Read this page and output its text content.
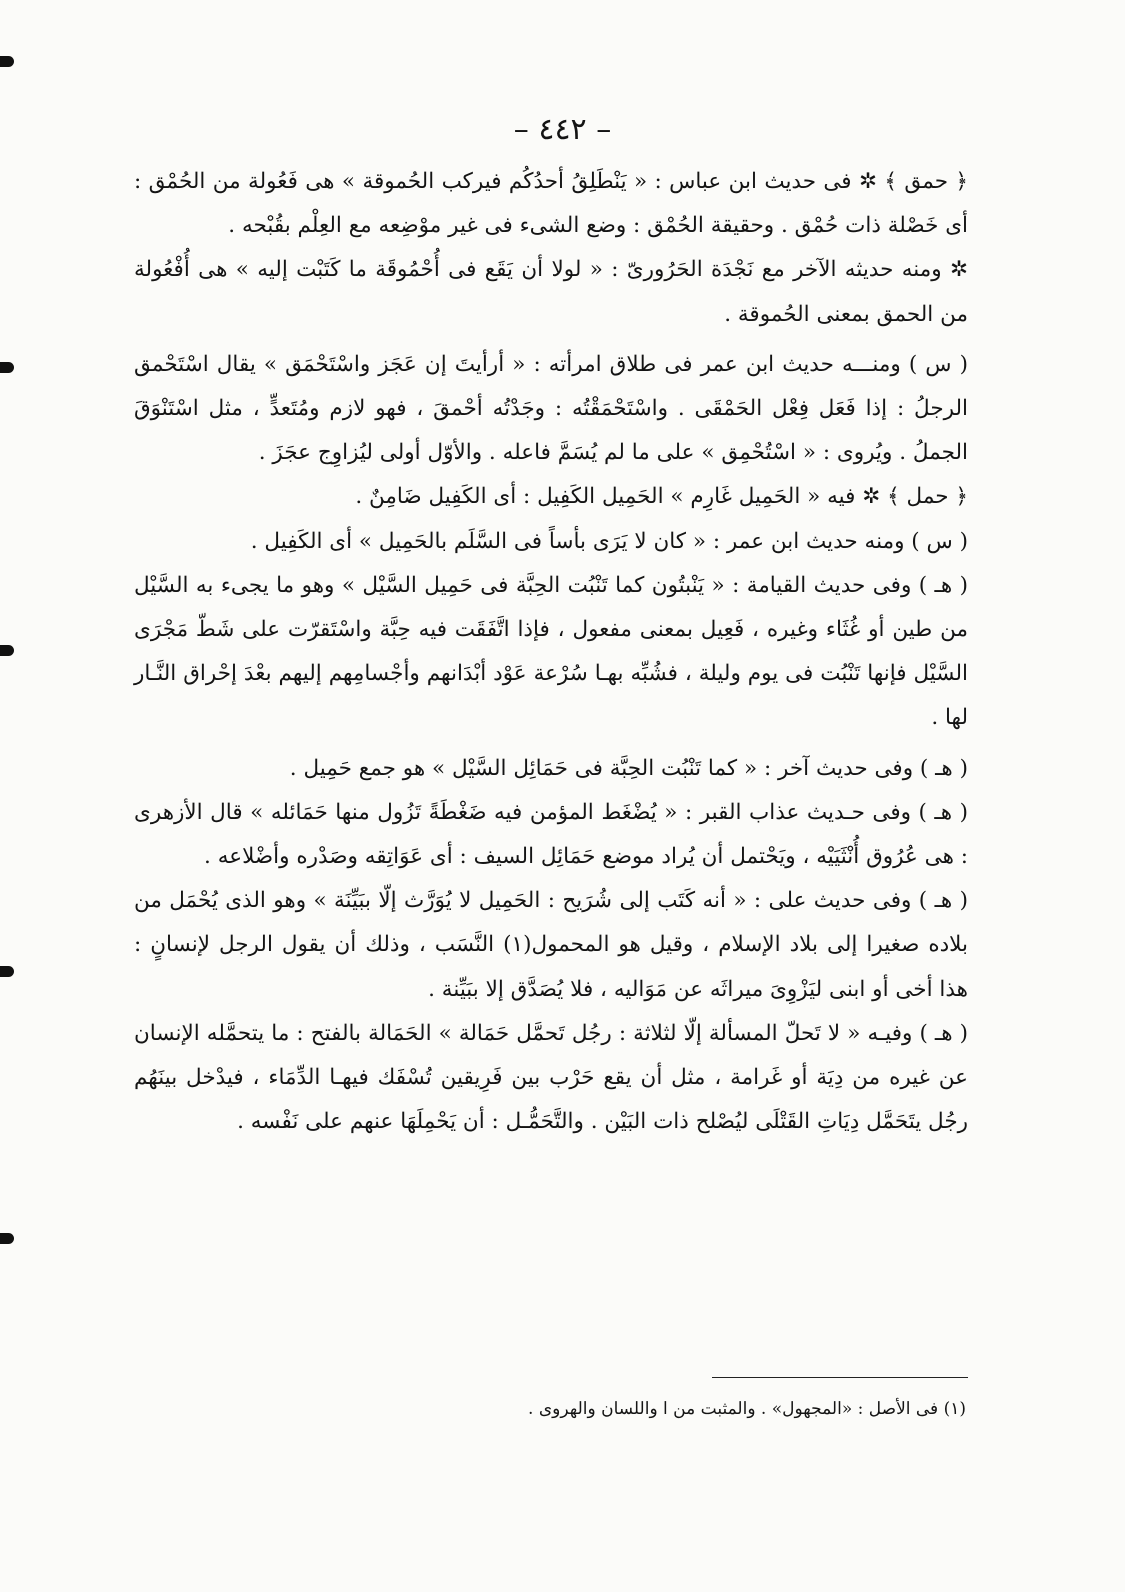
– ٤٤٢ –

﴿ حمق ﴾ ✲ فى حديث ابن عباس : « يَنْطَلِقُ أحدُكُم فيركب الحُموقة » هى فَعُولة من الحُمْق : أى خَصْلة ذات حُمْق . وحقيقة الحُمْق : وضع الشىء فى غير موْضِعه مع العِلْم بقُبْحه .

✲ ومنه حديثه الآخر مع نَجْدَة الحَرُورىّ : « لولا أن يَقَع فى أُحْمُوقَة ما كَتَبْت إليه » هى أُفْعُولة من الحمق بمعنى الحُموقة .

( س ) ومنـــه حديث ابن عمر فى طلاق امرأته : « أرأيتَ إن عَجَز واسْتَحْمَق » يقال اسْتَحْمق الرجلُ : إذا فَعَل فِعْل الحَمْقَى . واسْتَحْمَقْتُه : وجَدْتُه أحْمقَ ، فهو لازم ومُتَعدٍّ ، مثل اسْتَنْوَقَ الجملُ . ويُروى : « اسْتُحْمِق » على ما لم يُسَمَّ فاعله . والأوّل أولى ليُزاوِج عجَزَ .

﴿ حمل ﴾ ✲ فيه « الحَمِيل غَارِم » الحَمِيل الكَفِيل : أى الكَفِيل ضَامِنٌ .

( س ) ومنه حديث ابن عمر : « كان لا يَرَى بأساً فى السَّلَم بالحَمِيل » أى الكَفِيل .

( هـ ) وفى حديث القيامة : « يَنْبتُون كما تَنْبُت الحِبَّة فى حَمِيل السَّيْل » وهو ما يجىء به السَّيْل من طين أو غُثَاء وغيره ، فَعِيل بمعنى مفعول ، فإذا اتَّفَقَت فيه حِبَّة واسْتَقرّت على شَطّ مَجْرَى السَّيْل فإنها تَنْبُت فى يوم وليلة ، فشُبِّه بهـا سُرْعة عَوْد أبْدَانهم وأجْسامِهم إليهم بعْدَ إحْراق النَّـار لها .

( هـ ) وفى حديث آخر : « كما تَنْبُت الحِبَّة فى حَمَائِل السَّيْل » هو جمع حَمِيل .

( هـ ) وفى حـديث عذاب القبر : « يُضْغَط المؤمن فيه ضَغْطَةً تَزُول منها حَمَائله » قال الأزهرى : هى عُرُوق أُنْثَيَيْه ، ويَحْتمل أن يُراد موضع حَمَائِل السيف : أى عَوَاتِقه وصَدْره وأضْلاعه .

( هـ ) وفى حديث على : « أنه كَتَب إلى شُرَيح : الحَمِيل لا يُوَرَّث إلّا ببَيِّنَة » وهو الذى يُحْمَل من بلاده صغيرا إلى بلاد الإسلام ، وقيل هو المحمول(١) النَّسَب ، وذلك أن يقول الرجل لإنسانٍ : هذا أخى أو ابنى ليَزْوِىَ ميراثَه عن مَوَاليه ، فلا يُصَدَّق إلا ببَيِّنة .

( هـ ) وفيـه « لا تَحلّ المسألة إلّا لثلاثة : رجُل تَحمَّل حَمَالة » الحَمَالة بالفتح : ما يتحمَّله الإنسان عن غيره من دِيَة أو غَرامة ، مثل أن يقع حَرْب بين فَرِيقين تُسْفَك فيهـا الدِّمَاء ، فيدْخل بينَهُم رجُل يتَحَمَّل دِيَاتِ القَتْلَى ليُصْلح ذات البَيْن . والتَّحَمُّـل : أن يَحْمِلَهَا عنهم على نَفْسه .

(١) فى الأصل : «المجهول» . والمثبت من ا واللسان والهروى .
